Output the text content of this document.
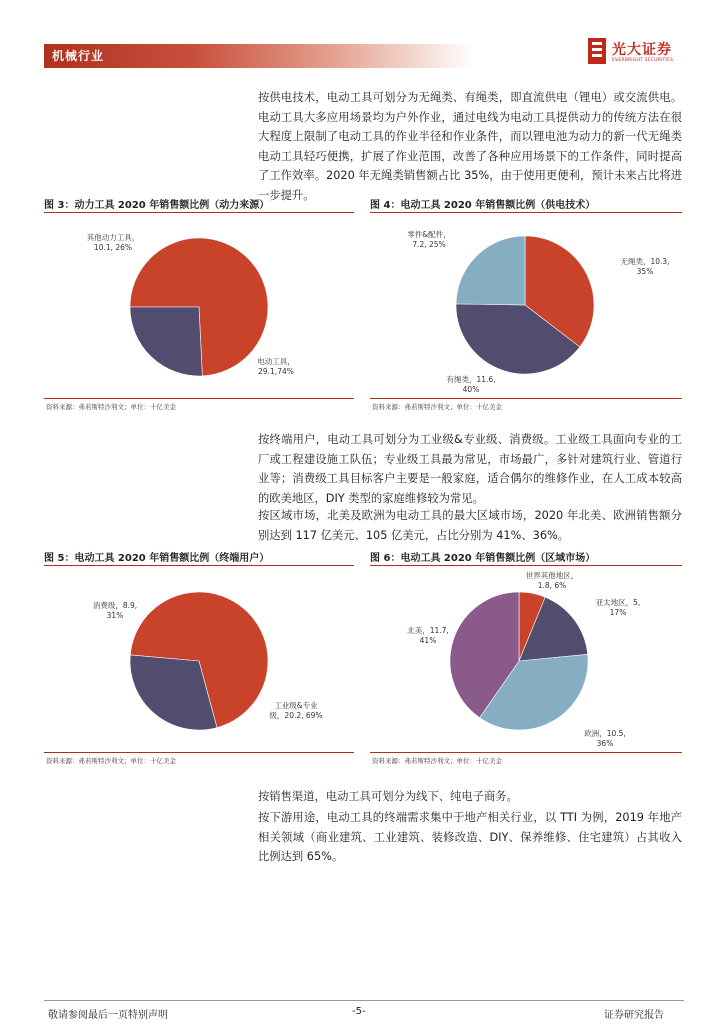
机械行业	光大证券
EVERBRIGHT SECURITIES

按供电技术，电动工具可划分为无绳类、有绳类，即直流供电（锂电）或交流供电。电动工具大多应用场景均为户外作业，通过电线为电动工具提供动力的传统方法在很大程度上限制了电动工具的作业半径和作业条件，而以锂电池为动力的新一代无绳类电动工具轻巧便携，扩展了作业范围，改善了各种应用场景下的工作条件，同时提高了工作效率。2020 年无绳类销售额占比 35%，由于使用更便利，预计未来占比将进一步提升。

图 3：动力工具 2020 年销售额比例（动力来源）
电动工具， 29.1,74%
其他动力工具， 10.1, 26%
资料来源：弗若斯特沙利文；单位：十亿美金
图 4：电动工具 2020 年销售额比例（供电技术）
无绳类，10.3, 35%
有绳类，11.6, 40%
零件&配件， 7.2, 25%
资料来源：弗若斯特沙利文；单位：十亿美金

按终端用户，电动工具可划分为工业级&专业级、消费级。工业级工具面向专业的工厂或工程建设施工队伍；专业级工具最为常见，市场最广，多针对建筑行业、管道行业等；消费级工具目标客户主要是一般家庭，适合偶尔的维修作业，在人工成本较高的欧美地区，DIY 类型的家庭维修较为常见。

按区域市场，北美及欧洲为电动工具的最大区域市场，2020 年北美、欧洲销售额分别达到 117 亿美元、105 亿美元，占比分别为 41%、36%。

图 5：电动工具 2020 年销售额比例（终端用户）
工业级&专业级，20.2, 69%
消费级，8.9, 31%
资料来源：弗若斯特沙利文；单位：十亿美金
图 6：电动工具 2020 年销售额比例（区域市场）
世界其他地区， 1.8, 6%
亚太地区，5, 17%
欧洲，10.5, 36%
北美，11.7, 41%
资料来源：弗若斯特沙利文；单位：十亿美金

按销售渠道，电动工具可划分为线下、纯电子商务。

按下游用途，电动工具的终端需求集中于地产相关行业，以 TTI 为例，2019 年地产相关领域（商业建筑、工业建筑、装修改造、DIY、保养维修、住宅建筑）占其收入比例达到 65%。

敬请参阅最后一页特别声明	-5-	证券研究报告
